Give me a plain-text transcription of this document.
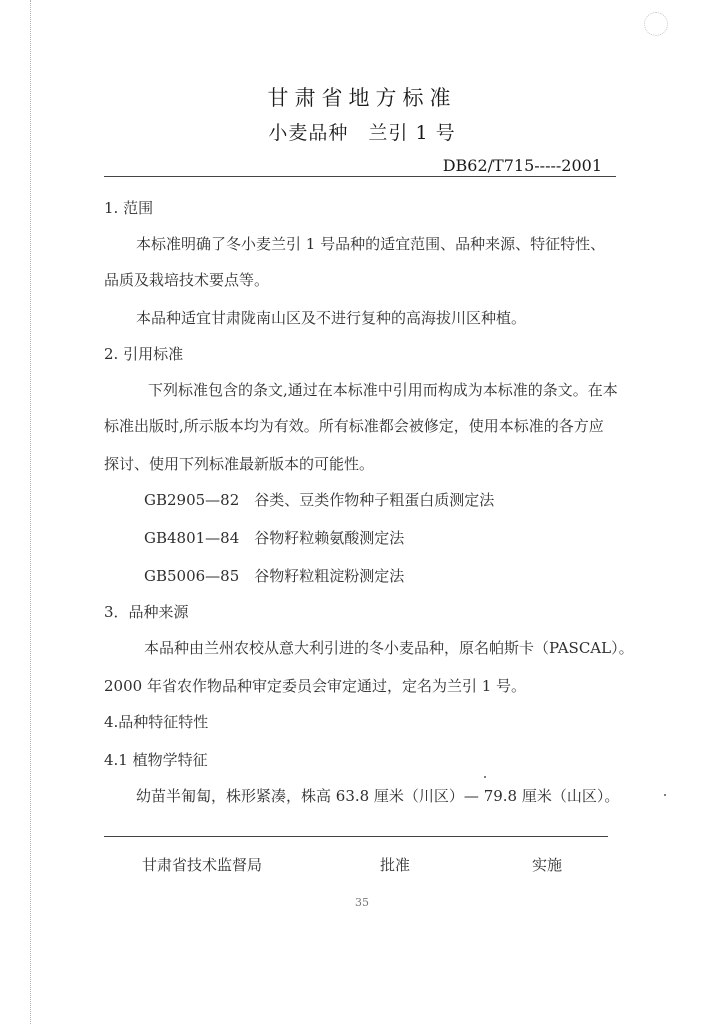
甘肃省地方标准
小麦品种　兰引 1 号
DB62/T715-----2001
1. 范围
本标准明确了冬小麦兰引 1 号品种的适宜范围、品种来源、特征特性、
品质及栽培技术要点等。
本品种适宜甘肃陇南山区及不进行复种的高海拔川区种植。
2. 引用标准
下列标准包含的条文,通过在本标准中引用而构成为本标准的条文。在本
标准出版时,所示版本均为有效。所有标准都会被修定，使用本标准的各方应
探讨、使用下列标准最新版本的可能性。
GB2905—82　谷类、豆类作物种子粗蛋白质测定法
GB4801—84　谷物籽粒赖氨酸测定法
GB5006—85　谷物籽粒粗淀粉测定法
3．品种来源
本品种由兰州农校从意大利引进的冬小麦品种，原名帕斯卡（PASCAL）。
2000 年省农作物品种审定委员会审定通过，定名为兰引 1 号。
4.品种特征特性
4.1 植物学特征
幼苗半匍匐，株形紧凑，株高 63.8 厘米（川区）— 79.8 厘米（山区）。
甘肃省技术监督局	批准	实施
35
